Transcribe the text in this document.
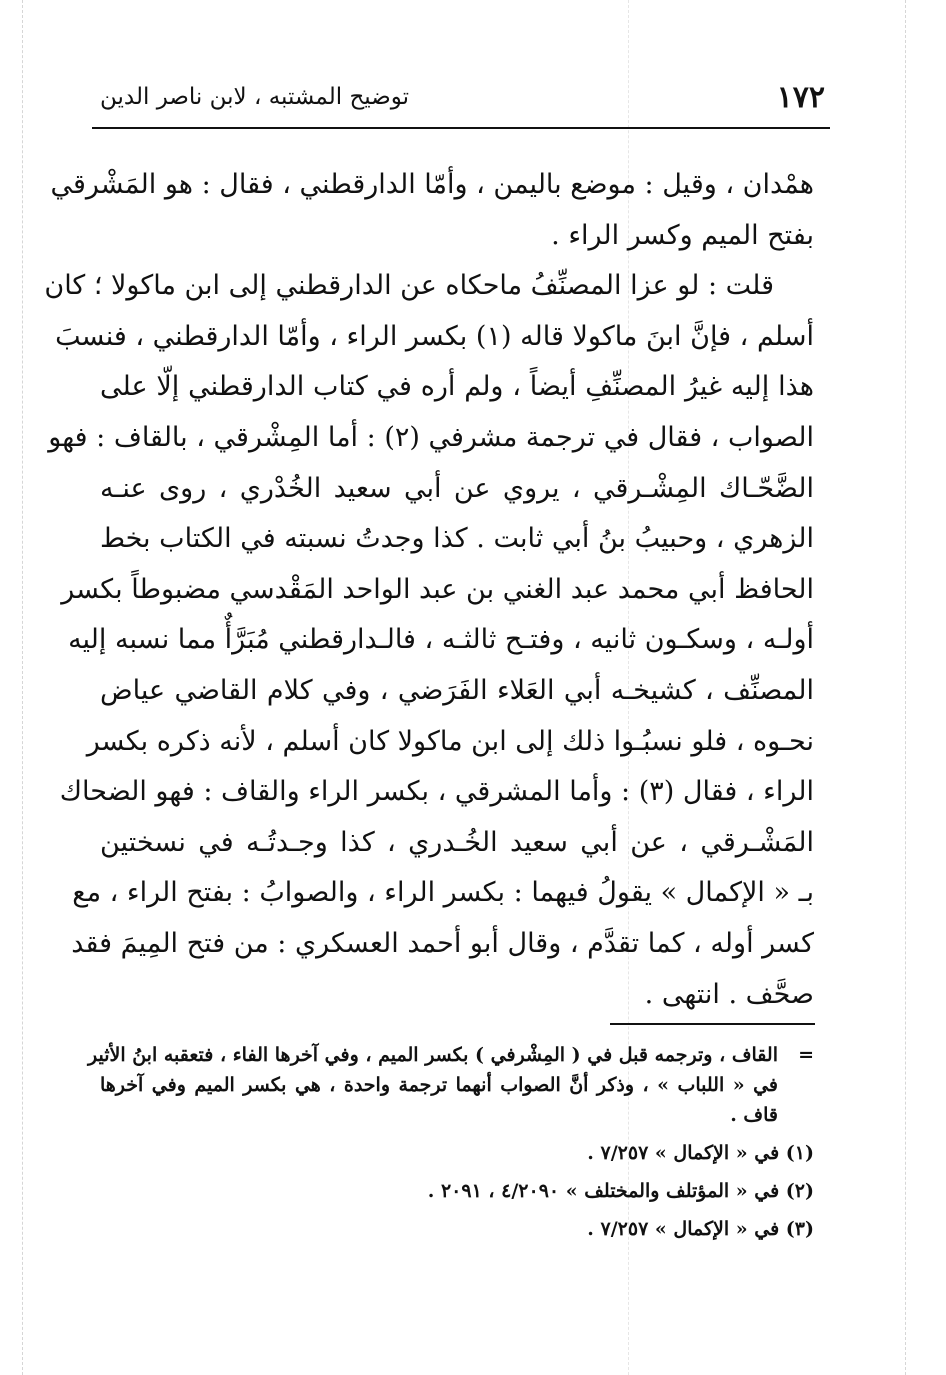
١٧٢
توضيح المشتبه ، لابن ناصر الدين
همْدان ، وقيل : موضع باليمن ، وأمّا الدارقطني ، فقال : هو المَشْرقي
بفتح الميم وكسر الراء .
قلت : لو عزا المصنِّفُ ماحكاه عن الدارقطني إلى ابن ماكولا ؛ كان
أسلم ، فإنَّ ابنَ ماكولا قاله (١) بكسر الراء ، وأمّا الدارقطني ، فنسبَ
هذا إليه غيرُ المصنِّفِ أيضاً ، ولم أره في كتاب الدارقطني إلّا على
الصواب ، فقال في ترجمة مشرفي (٢) : أما المِشْرقي ، بالقاف : فهو
الضَّحّـاك المِشْـرقي ، يروي عن أبي سعيد الخُدْري ، روى عنـه
الزهري ، وحبيبُ بنُ أبي ثابت . كذا وجدتُ نسبته في الكتاب بخط
الحافظ أبي محمد عبد الغني بن عبد الواحد المَقْدسي مضبوطاً بكسر
أولـه ، وسكـون ثانيه ، وفتـح ثالثـه ، فالـدارقطني مُبَرَّأٌ مما نسبه إليه
المصنِّف ، كشيخـه أبي العَلاء الفَرَضي ، وفي كلام القاضي عياض
نحـوه ، فلو نسبُـوا ذلك إلى ابن ماكولا كان أسلم ، لأنه ذكره بكسر
الراء ، فقال (٣) : وأما المشرقي ، بكسر الراء والقاف : فهو الضحاك
المَشْـرقي ، عن أبي سعيد الخُـدري ، كذا وجـدتُـه في نسختين
بـ « الإكمال » يقولُ فيهما : بكسر الراء ، والصوابُ : بفتح الراء ، مع
كسر أوله ، كما تقدَّم ، وقال أبو أحمد العسكري : من فتح المِيمَ فقد
صحَّف . انتهى .
=
القاف ، وترجمه قبل في ( المِشْرفي ) بكسر الميم ، وفي آخرها الفاء ، فتعقبه ابنُ الأثير
في « اللباب » ، وذكر أنَّ الصواب أنهما ترجمة واحدة ، هي بكسر الميم وفي آخرها
قاف .
(١) في « الإكمال » ٧/٢٥٧ .
(٢) في « المؤتلف والمختلف » ٤/٢٠٩٠ ، ٢٠٩١ .
(٣) في « الإكمال » ٧/٢٥٧ .
